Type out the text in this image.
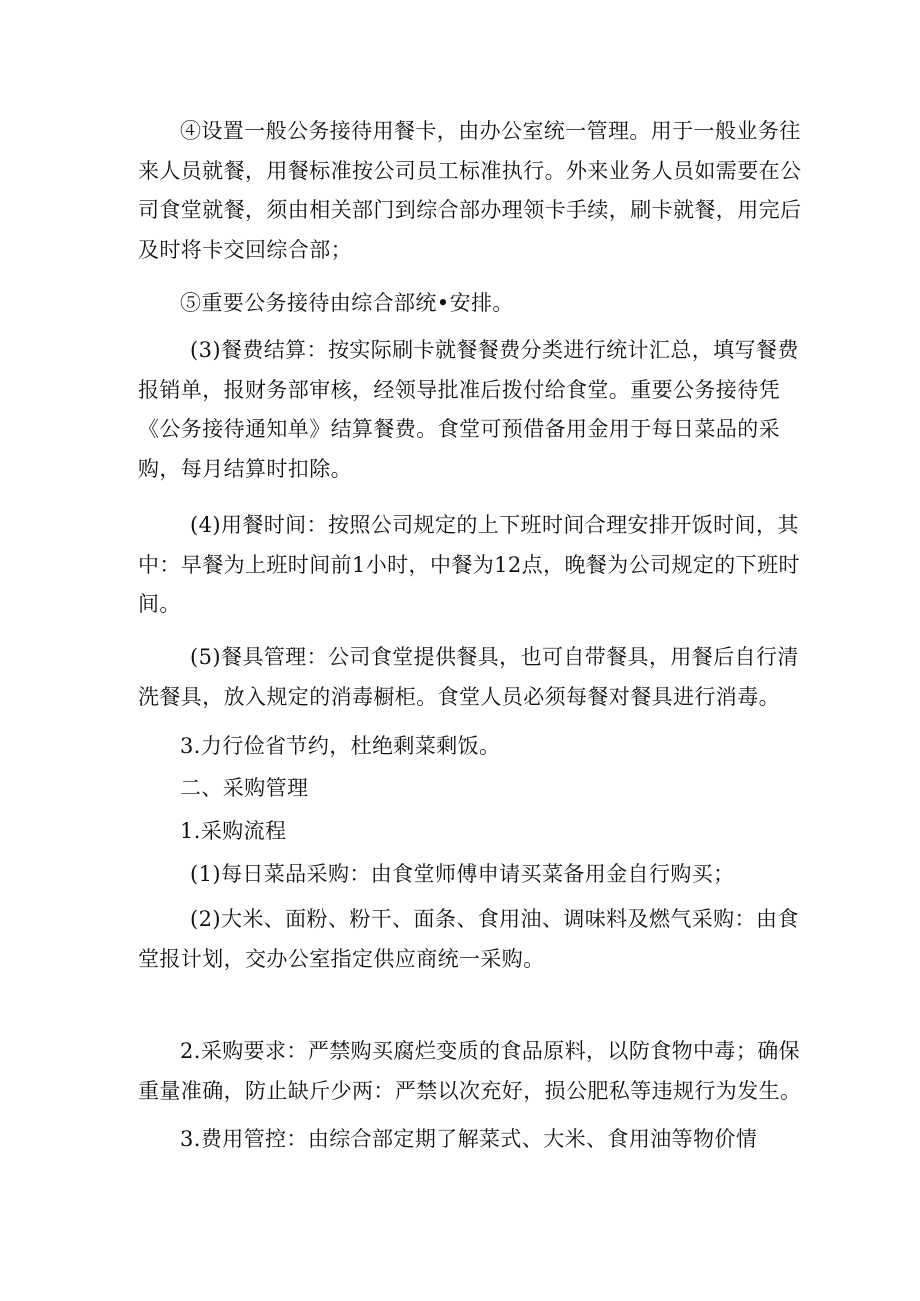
④设置一般公务接待用餐卡，由办公室统一管理。用于一般业务往来人员就餐，用餐标准按公司员工标准执行。外来业务人员如需要在公司食堂就餐，须由相关部门到综合部办理领卡手续，刷卡就餐，用完后及时将卡交回综合部；

⑤重要公务接待由综合部统•安排。

(3)餐费结算：按实际刷卡就餐餐费分类进行统计汇总，填写餐费报销单，报财务部审核，经领导批准后拨付给食堂。重要公务接待凭《公务接待通知单》结算餐费。食堂可预借备用金用于每日菜品的采购，每月结算时扣除。

(4)用餐时间：按照公司规定的上下班时间合理安排开饭时间，其中：早餐为上班时间前1小时，中餐为12点，晚餐为公司规定的下班时间。

(5)餐具管理：公司食堂提供餐具，也可自带餐具，用餐后自行清洗餐具，放入规定的消毒橱柜。食堂人员必须每餐对餐具进行消毒。

3.力行俭省节约，杜绝剩菜剩饭。

二、采购管理

1.采购流程

(1)每日菜品采购：由食堂师傅申请买菜备用金自行购买；

(2)大米、面粉、粉干、面条、食用油、调味料及燃气采购：由食堂报计划，交办公室指定供应商统一采购。

2.采购要求：严禁购买腐烂变质的食品原料，以防食物中毒；确保重量准确，防止缺斤少两：严禁以次充好，损公肥私等违规行为发生。

3.费用管控：由综合部定期了解菜式、大米、食用油等物价情
